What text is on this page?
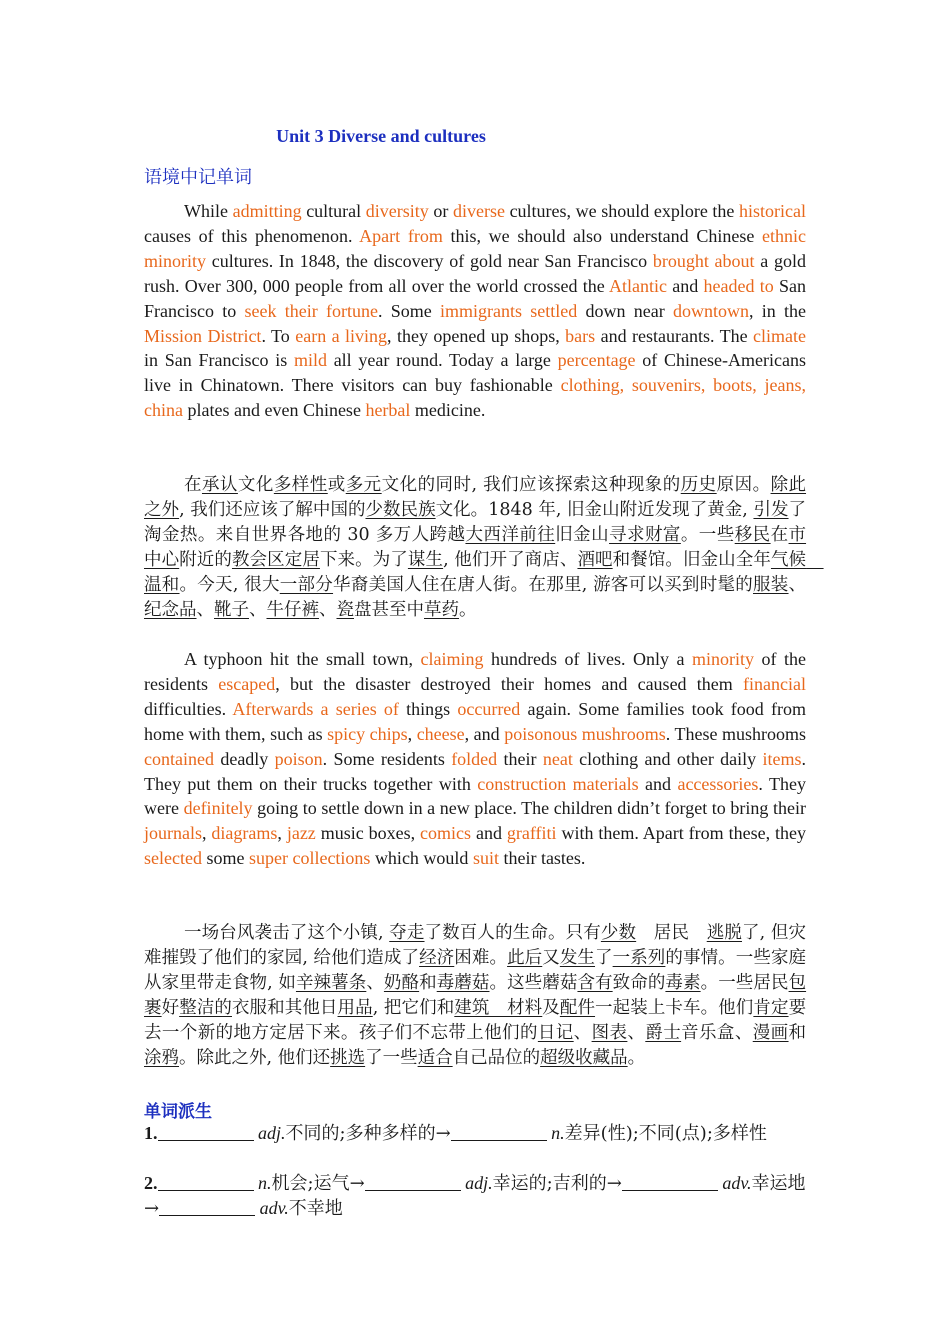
Unit 3 Diverse and cultures
语境中记单词
While admitting cultural diversity or diverse cultures, we should explore the historical causes of this phenomenon. Apart from this, we should also understand Chinese ethnic minority cultures. In 1848, the discovery of gold near San Francisco brought about a gold rush. Over 300, 000 people from all over the world crossed the Atlantic and headed to San Francisco to seek their fortune. Some immigrants settled down near downtown, in the Mission District. To earn a living, they opened up shops, bars and restaurants. The climate in San Francisco is mild all year round. Today a large percentage of Chinese-Americans live in Chinatown. There visitors can buy fashionable clothing, souvenirs, boots, jeans, china plates and even Chinese herbal medicine.
在承认文化多样性或多元文化的同时, 我们应该探索这种现象的历史原因。除此之外, 我们还应该了解中国的少数民族文化。1848 年, 旧金山附近发现了黄金, 引发了淘金热。来自世界各地的 30 多万人跨越大西洋前往旧金山寻求财富。一些移民在市中心附近的教会区定居下来。为了谋生, 他们开了商店、酒吧和餐馆。旧金山全年气候　温和。今天, 很大一部分华裔美国人住在唐人街。在那里, 游客可以买到时髦的服装、纪念品、靴子、牛仔裤、瓷盘甚至中草药。
A typhoon hit the small town, claiming hundreds of lives. Only a minority of the residents escaped, but the disaster destroyed their homes and caused them financial difficulties. Afterwards a series of things occurred again. Some families took food from home with them, such as spicy chips, cheese, and poisonous mushrooms. These mushrooms contained deadly poison. Some residents folded their neat clothing and other daily items. They put them on their trucks together with construction materials and accessories. They were definitely going to settle down in a new place. The children didn’t forget to bring their journals, diagrams, jazz music boxes, comics and graffiti with them. Apart from these, they selected some super collections which would suit their tastes.
一场台风袭击了这个小镇, 夺走了数百人的生命。只有少数　居民　逃脱了, 但灾难摧毁了他们的家园, 给他们造成了经济困难。此后又发生了一系列的事情。一些家庭从家里带走食物, 如辛辣薯条、奶酪和毒蘑菇。这些蘑菇含有致命的毒素。一些居民包裹好整洁的衣服和其他日用品, 把它们和建筑　材料及配件一起装上卡车。他们肯定要去一个新的地方定居下来。孩子们不忘带上他们的日记、图表、爵士音乐盒、漫画和涂鸦。除此之外, 他们还挑选了一些适合自己品位的超级收藏品。
单词派生
1.	adj.不同的;多种多样的→	n.差异(性);不同(点);多样性
2.	n.机会;运气→	adj.幸运的;吉利的→	adv.幸运地→	adv.不幸地
